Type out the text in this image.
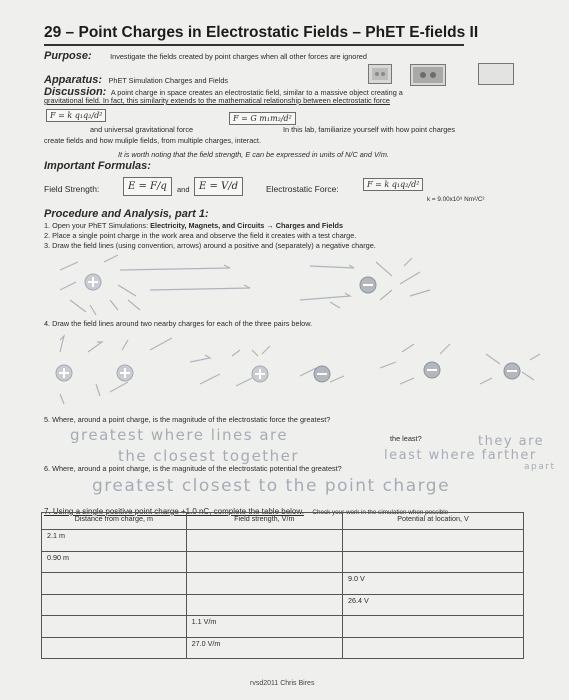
29 – Point Charges in Electrostatic Fields – PhET E-fields II
Purpose:	Investigate the fields created by point charges when all other forces are ignored
Apparatus: PhET Simulation Charges and Fields
Discussion: A point charge in space creates an electrostatic field, similar to a massive object creating a
gravitational field. In fact, this similarity extends to the mathematical relationship between electrostatic force
F = k q₁q₂/d²
and universal gravitational force
F = G m₁m₂/d²
In this lab, familiarize yourself with how point charges
create fields and how muliple fields, from multiple charges, interact.
It is worth noting that the field strength, E can be expressed in units of N/C and V/m.
Important Formulas:
Field Strength:	E = F/q	and E = V/d	Electrostatic Force:	F = k q₁q₂/d²
k = 9.00x10⁹ Nm²/C²
Procedure and Analysis, part 1:
1. Open your PhET Simulations: Electricity, Magnets, and Circuits → Charges and Fields
2. Place a single point charge in the work area and observe the field it creates with a test charge.
3. Draw the field lines (using convention, arrows) around a positive and (separately) a negative charge.
4. Draw the field lines around two nearby charges for each of the three pairs below.
5. Where, around a point charge, is the magnitude of the electrostatic force the greatest?
the least?
greatest where lines are
the closest together
they are
least where farther
apart
6. Where, around a point charge, is the magnitude of the electrostatic potential the greatest?
greatest closest to the point charge
7. Using a single positive point charge +1.0 nC, complete the table below. Check your work in the simulation when possible
Distance from charge, m	Field strength, V/m	Potential at location, V
2.1 m		
0.90 m		
		9.0 V
		26.4 V
	1.1 V/m	
	27.0 V/m	
rvsd2011 Chris Bires
